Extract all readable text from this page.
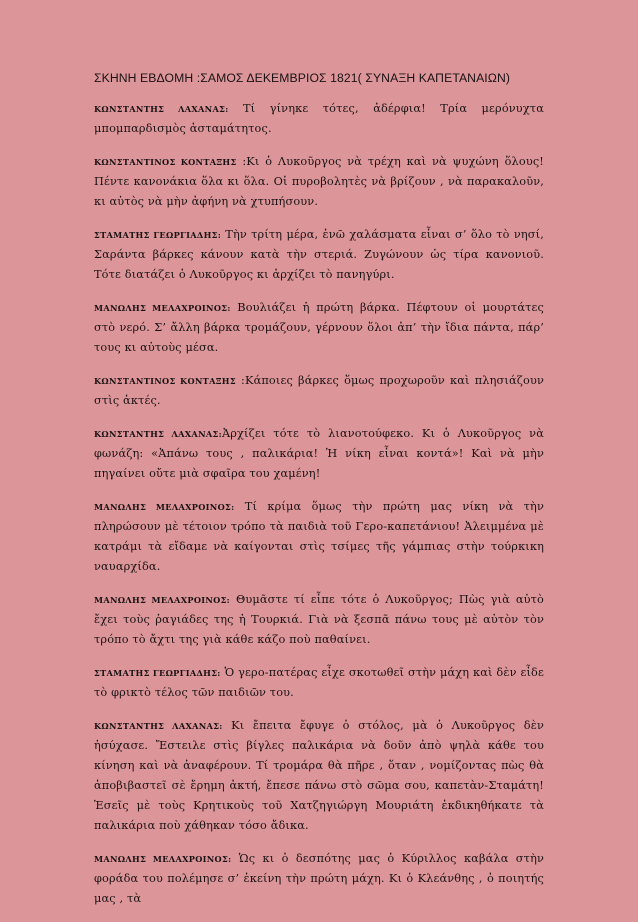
ΣΚΗΝΗ ΕΒΔΟΜΗ :ΣΑΜΟΣ ΔΕΚΕΜΒΡΙΟΣ 1821( ΣΥΝΑΞΗ ΚΑΠΕΤΑΝΑΙΩΝ)

ΚΩΝΣΤΑΝΤΗΣ ΛΑΧΑΝΑΣ: Τί γίνηκε τότες, ἀδέρφια! Τρία μερόνυχτα μπομπαρδισμὸς ἀσταμάτητος.

ΚΩΝΣΤΑΝΤΙΝΟΣ ΚΟΝΤΑΞΗΣ :Κι ὁ Λυκοῦργος νὰ τρέχη καὶ νὰ ψυχώνη ὅλους! Πέντε κανονάκια ὅλα κι ὅλα. Οἱ πυροβολητὲς νὰ βρίζουν , νὰ παρακαλοῦν, κι αὐτὸς νὰ μὴν ἀφήνη νὰ χτυπήσουν.

ΣΤΑΜΑΤΗΣ ΓΕΩΡΓΙΑΔΗΣ: Τὴν τρίτη μέρα, ἐνῶ χαλάσματα εἶναι σ’ ὅλο τὸ νησί, Σαράντα βάρκες κάνουν κατὰ τὴν στεριά. Ζυγώνουν ὡς τίρα κανονιοῦ. Τότε διατάζει ὁ Λυκοῦργος κι ἀρχίζει τὸ πανηγύρι.

ΜΑΝΩΛΗΣ ΜΕΛΑΧΡΟΙΝΟΣ: Βουλιάζει ἡ πρώτη βάρκα. Πέφτουν οἱ μουρτάτες στὸ νερό. Σ’ ἄλλη βάρκα τρομάζουν, γέρνουν ὅλοι ἀπ’ τὴν ἴδια πάντα, πάρ’ τους κι αὐτοὺς μέσα.

ΚΩΝΣΤΑΝΤΙΝΟΣ ΚΟΝΤΑΞΗΣ :Κάποιες βάρκες ὅμως προχωροῦν καὶ πλησιάζουν στὶς ἀκτές.

ΚΩΝΣΤΑΝΤΗΣ ΛΑΧΑΝΑΣ:Ἀρχίζει τότε τὸ λιανοτούφεκο. Κι ὁ Λυκοῦργος νὰ φωνάζη: «Ἀπάνω τους , παλικάρια! Ἡ νίκη εἶναι κοντά»! Καὶ νὰ μὴν πηγαίνει οὔτε μιὰ σφαῖρα του χαμένη!

ΜΑΝΩΛΗΣ ΜΕΛΑΧΡΟΙΝΟΣ: Τί κρίμα ὅμως τὴν πρώτη μας νίκη νὰ τὴν πληρώσουν μὲ τέτοιον τρόπο τὰ παιδιὰ τοῦ Γερο-καπετάνιου! Ἀλειμμένα μὲ κατράμι τὰ εἴδαμε νὰ καίγονται στὶς τσίμες τῆς γάμπιας στὴν τούρκικη ναυαρχίδα.

ΜΑΝΩΛΗΣ ΜΕΛΑΧΡΟΙΝΟΣ: Θυμᾶστε τί εἶπε τότε ὁ Λυκοῦργος; Πὼς γιὰ αὐτὸ ἔχει τοὺς ῥαγιάδες της ἡ Τουρκιά. Γιὰ νὰ ξεσπᾶ πάνω τους μὲ αὐτὸν τὸν τρόπο τὸ ἄχτι της γιὰ κάθε κάζο ποὺ παθαίνει.

ΣΤΑΜΑΤΗΣ ΓΕΩΡΓΙΑΔΗΣ: Ὁ γερο-πατέρας εἶχε σκοτωθεῖ στὴν μάχη καὶ δὲν εἶδε τὸ φρικτὸ τέλος τῶν παιδιῶν του.

ΚΩΝΣΤΑΝΤΗΣ ΛΑΧΑΝΑΣ: Κι ἔπειτα ἔφυγε ὁ στόλος, μὰ ὁ Λυκοῦργος δὲν ἡσύχασε. Ἔστειλε στὶς βίγλες παλικάρια νὰ δοῦν ἀπὸ ψηλὰ κάθε του κίνηση καὶ νὰ ἀναφέρουν. Τί τρομάρα θὰ πῆρε , ὅταν , νομίζοντας πὼς θὰ ἀποβιβαστεῖ σὲ ἔρημη ἀκτή, ἔπεσε πάνω στὸ σῶμα σου, καπετὰν-Σταμάτη! Ἐσεῖς μὲ τοὺς Κρητικοὺς τοῦ Χατζηγιώργη Μουριάτη ἐκδικηθήκατε τὰ παλικάρια ποὺ χάθηκαν τόσο ἄδικα.

ΜΑΝΩΛΗΣ ΜΕΛΑΧΡΟΙΝΟΣ: Ὡς κι ὁ δεσπότης μας ὁ Κύριλλος καβάλα στὴν φοράδα του πολέμησε σ’ ἐκείνη τὴν πρώτη μάχη. Κι ὁ Κλεάνθης , ὁ ποιητής μας , τὰ
